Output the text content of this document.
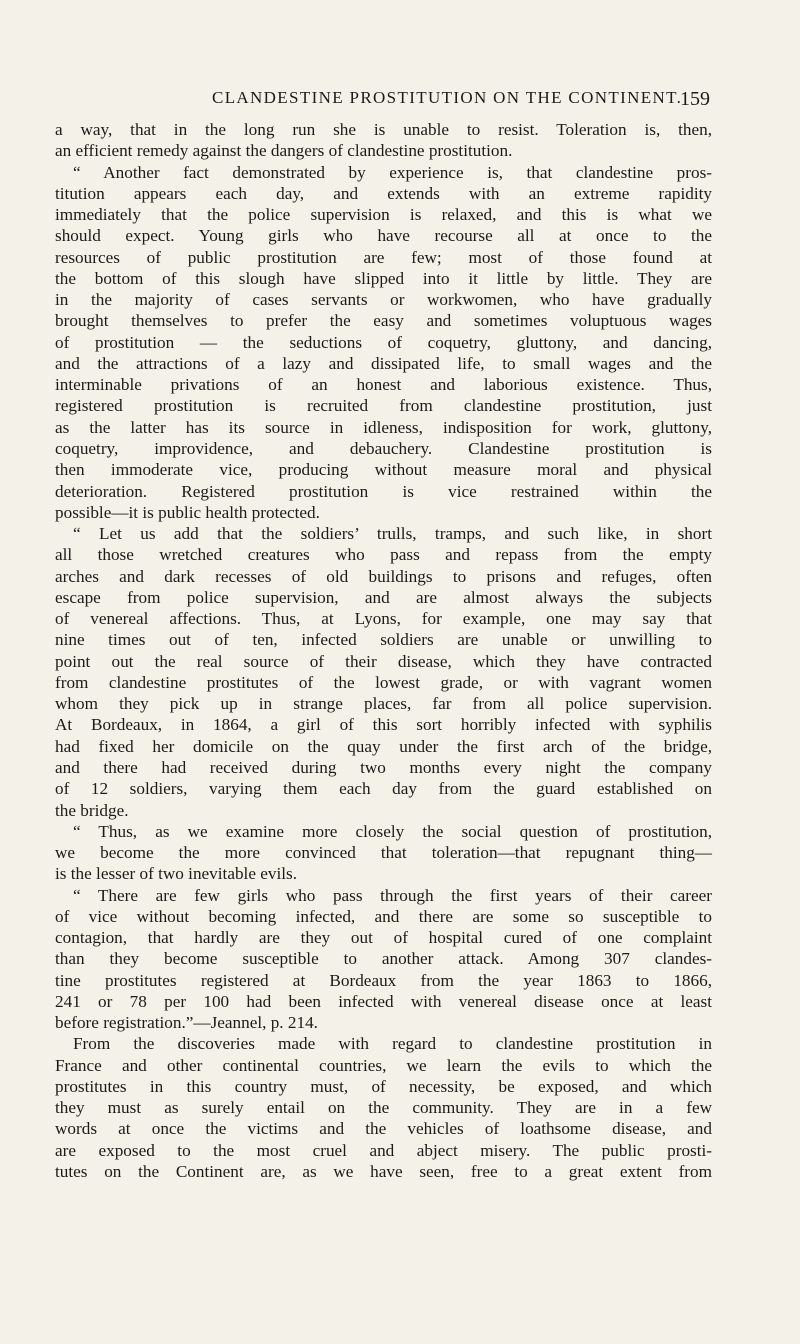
CLANDESTINE PROSTITUTION ON THE CONTINENT.
159
a way, that in the long run she is unable to resist. Toleration is, then,
an efficient remedy against the dangers of clandestine prostitution.
“ Another fact demonstrated by experience is, that clandestine pros-
titution appears each day, and extends with an extreme rapidity
immediately that the police supervision is relaxed, and this is what we
should expect. Young girls who have recourse all at once to the
resources of public prostitution are few; most of those found at
the bottom of this slough have slipped into it little by little. They are
in the majority of cases servants or workwomen, who have gradually
brought themselves to prefer the easy and sometimes voluptuous wages
of prostitution — the seductions of coquetry, gluttony, and dancing,
and the attractions of a lazy and dissipated life, to small wages and the
interminable privations of an honest and laborious existence. Thus,
registered prostitution is recruited from clandestine prostitution, just
as the latter has its source in idleness, indisposition for work, gluttony,
coquetry, improvidence, and debauchery. Clandestine prostitution is
then immoderate vice, producing without measure moral and physical
deterioration. Registered prostitution is vice restrained within the
possible—it is public health protected.
“ Let us add that the soldiers’ trulls, tramps, and such like, in short
all those wretched creatures who pass and repass from the empty
arches and dark recesses of old buildings to prisons and refuges, often
escape from police supervision, and are almost always the subjects
of venereal affections. Thus, at Lyons, for example, one may say that
nine times out of ten, infected soldiers are unable or unwilling to
point out the real source of their disease, which they have contracted
from clandestine prostitutes of the lowest grade, or with vagrant women
whom they pick up in strange places, far from all police supervision.
At Bordeaux, in 1864, a girl of this sort horribly infected with syphilis
had fixed her domicile on the quay under the first arch of the bridge,
and there had received during two months every night the company
of 12 soldiers, varying them each day from the guard established on
the bridge.
“ Thus, as we examine more closely the social question of prostitution,
we become the more convinced that toleration—that repugnant thing—
is the lesser of two inevitable evils.
“ There are few girls who pass through the first years of their career
of vice without becoming infected, and there are some so susceptible to
contagion, that hardly are they out of hospital cured of one complaint
than they become susceptible to another attack. Among 307 clandes-
tine prostitutes registered at Bordeaux from the year 1863 to 1866,
241 or 78 per 100 had been infected with venereal disease once at least
before registration.”—Jeannel, p. 214.
From the discoveries made with regard to clandestine prostitution in
France and other continental countries, we learn the evils to which the
prostitutes in this country must, of necessity, be exposed, and which
they must as surely entail on the community. They are in a few
words at once the victims and the vehicles of loathsome disease, and
are exposed to the most cruel and abject misery. The public prosti-
tutes on the Continent are, as we have seen, free to a great extent from
